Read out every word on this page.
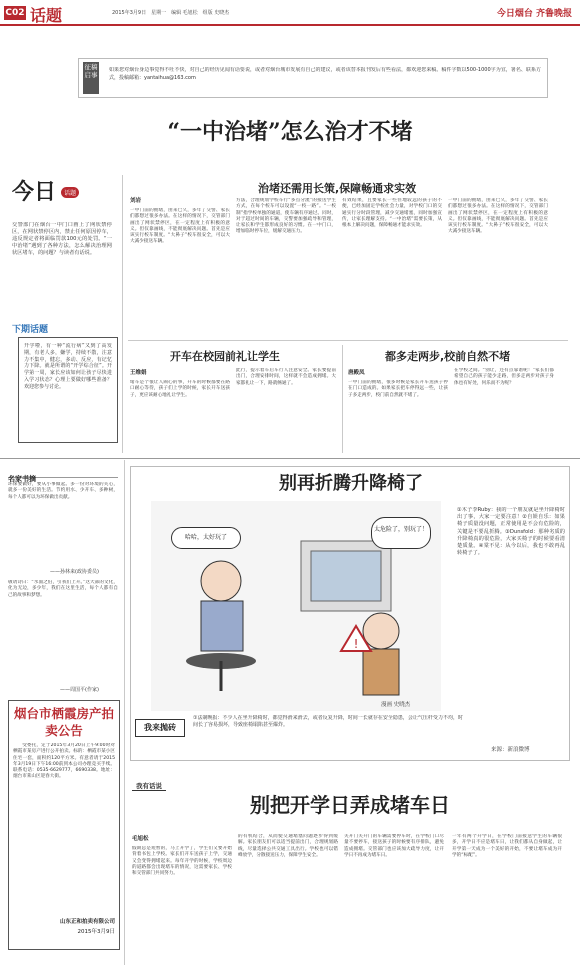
C02 话题	2015年3月9日　星期一　编辑 毛旭松　组版 史晓杰	今日烟台 齐鲁晚报
征稿启事
如果您对烟台身边事觉得不吐不快，对自己的经历见闻有话要说，或者对烟台城市发展有自己的建议，或者该替本报刊发后有些看法，都欢迎您来稿。稿件字数以500-1000字为宜，署名、联系方式，投稿邮箱：yantaihua@163.com
“一中治堵”怎么治才不堵
今日 话题
交警部门在烟台一中门口画上了网状禁停区，在网状禁停区内，禁止任何原因停车，违反规定者将面临罚款100元的处罚。“一中治堵”遇到了各种方法，怎么解决治理网状区堵车，的问题？与读者有话说。
下期话题
开学啦，有一种“流行病”又到了高发期，有老人多，嫌学，持续不散，注意力不集中，健忘，多动、反应，有记忆力下降。就是所谓的“开学综合征”。开学第一周，家长应该如何让孩子尽快进入学习状态？心理上要做好哪些准备？欢迎您参与讨论。
治堵还需用长策,保障畅通求实效
刘岩
一中门前的拥堵，由来已久，多年了交警、家长们都想过很多办法。在这样的情况下，交管部门画出了网状禁停区，在一定程度上有积极的意义。但仅靠画线，不能彻底解决问题。首先是应该实行校车制度。“大鼻子”校车很安全，可以大大减少接送车辆。
方法，合理规划学校车行“多点分流”的接送学生方式，在每个校车可以设置“一校一路”。“一校制”指学校单独的通道，使车辆有序通过。同时，对于超过时间的车辆，交警要加强疏导和管理，让家长和学生都形成良好的习惯。在一中门口，增加临时停车位，缓解交通压力。
有效结果，且要家长一些住地较远的孩子的不便，已经加固定学校社会力量，对学校门口的交通实行分时段管理，减少交通堵塞，同时加强宣传，让家长理解支持。“一中治堵”需要长策，从根本上解决问题，保障畅通才能求实效。
一中门前的拥堵，由来已久，多年了交警、家长们都想过很多办法。在这样的情况下，交管部门画出了网状禁停区，在一定程度上有积极的意义。但仅靠画线，不能彻底解决问题。首先是应该实行校车制度。“大鼻子”校车很安全，可以大大减少接送车辆。
开车在校园前礼让学生
王维娟
堵车是个很让人闹心的事，开车的时候都要在路口耐心等待，孩子们上学的时候，家长开车送孩子，更应该耐心地礼让学生。
此行，提示着车后车行人注意安全。家长要提前出门，合理安排时间，这样就不会造成拥堵。大家都礼让一下，路就畅通了。
都多走两步,校前自然不堵
唐殿凤
一中门前的拥堵，很多时候是家长开车送孩子停在门口造成的。如果家长把车停得远一些，让孩子多走两步，校门前自然就不堵了。
在学校之间。“别让，还有点靠谱呢！”家长们都希望自己的孩子能少走路，但多走两步对孩子身体也有好处，何乐而不为呢？
名家书摘
环保要做好，要从小事做起。多一份对环境的关心，就多一份美好的生活。节约用水、少开车、多种树，每个人都可以为环保做出贡献。
——孙林来(政协委员)
敬请诗曰：“水面之伯，引我们上升。”这大部的文化，化为无边，多少年，我们在这里生活，每个人都有自己的故事和梦想。
——周国平(作家)
烟台市栖霞房产拍卖公告
受委托，定于2015年3月20日上午9:00时对栖霞市某房产进行公开拍卖。标的：栖霞市某小区住宅一套，面积约120平方米。有意者请于2015年3月19日下午16:00前到本公司办理竞买手续。联系电话：0535-6629777，6690338。地址：烟台市莱山区迎春大街。
山东正和拍卖有限公司
2015年3月9日
别再折腾升降椅了
!
哈哈，太好玩了
太危险了，别玩了！
漫画 史晓杰
我来抛砖
①法制晚报：不少人在坐升降椅时，都觉得滑来滑去，或者反复升降，时间一长就存在安全隐患，会让气压杆受力不均，时间长了容易损坏，导致座椅塌陷甚至爆炸。
①木子李Ruby：我的一个朋友就是坐升降椅时出了事，大家一定要注意！②自娱自乐：如果椅子质量没问题，正常使用是不会有危险的，关键是不要乱折腾。③Dunsfold：那种劣质的升降椅真的很危险，大家买椅子的时候要看清楚质量。④棠不见：从今以后，我也不敢再乱转椅子了。
来源：新浪微博
我有话说
别把开学日弄成堵车日
毛旭松
假期总是短暂的，马上开学了，学生们又要开始背着书包上学校。家长们开车送孩子上学，交通又会变得拥堵起来。每年开学的时候，学校周边的道路都会出现堵车的情况，这需要家长、学校和交管部门共同努力。
的有机结合，从而使交通堵塞问题逐步得到缓解。家长朋友们可以适当提前出门，合理规划路线，尽量选择公共交通工具出行。学校也可以错峰放学，分散接送压力，保障学生安全。
关开门关开门的车辆需要停车时，在学校门口尽量不要停车，接送孩子的时候要有序排队，避免造成拥堵。交管部门也应该加大疏导力度，让开学日不再成为堵车日。
一年有两个开学日，在学校门前接送学生的车辆很多，开学日不应是堵车日，让我们都从自身做起，让开学第一天成为一个美好的开始，不要让堵车成为开学的“标配”。
